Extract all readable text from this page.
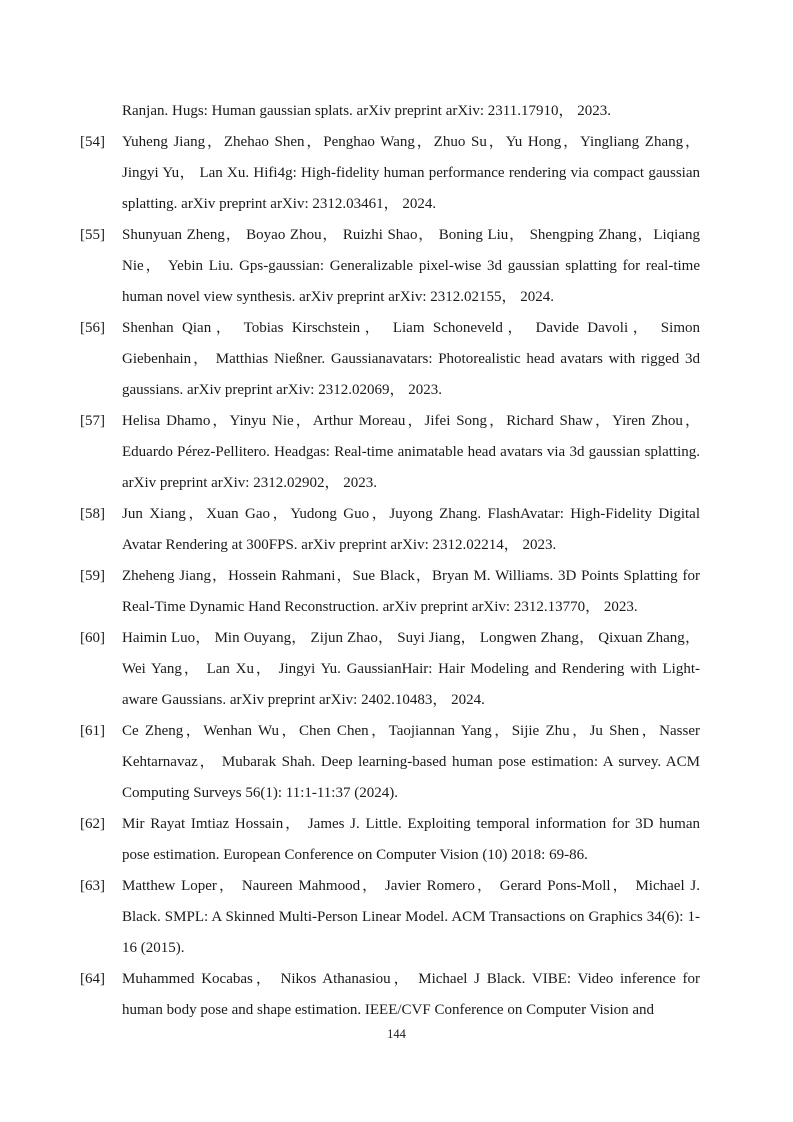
Ranjan. Hugs: Human gaussian splats. arXiv preprint arXiv: 2311.17910， 2023.
[54]	Yuheng Jiang，Zhehao Shen，Penghao Wang，Zhuo Su，Yu Hong，Yingliang Zhang，Jingyi Yu， Lan Xu. Hifi4g: High-fidelity human performance rendering via compact gaussian splatting. arXiv preprint arXiv: 2312.03461， 2024.
[55]	Shunyuan Zheng， Boyao Zhou， Ruizhi Shao， Boning Liu， Shengping Zhang，Liqiang Nie， Yebin Liu. Gps-gaussian: Generalizable pixel-wise 3d gaussian splatting for real-time human novel view synthesis. arXiv preprint arXiv: 2312.02155， 2024.
[56]	Shenhan Qian， Tobias Kirschstein， Liam Schoneveld， Davide Davoli， Simon Giebenhain， Matthias Nießner. Gaussianavatars: Photorealistic head avatars with rigged 3d gaussians. arXiv preprint arXiv: 2312.02069， 2023.
[57]	Helisa Dhamo，Yinyu Nie，Arthur Moreau，Jifei Song，Richard Shaw，Yiren Zhou，Eduardo Pérez-Pellitero. Headgas: Real-time animatable head avatars via 3d gaussian splatting. arXiv preprint arXiv: 2312.02902， 2023.
[58]	Jun Xiang，Xuan Gao，Yudong Guo，Juyong Zhang. FlashAvatar: High-Fidelity Digital Avatar Rendering at 300FPS. arXiv preprint arXiv: 2312.02214， 2023.
[59]	Zheheng Jiang，Hossein Rahmani，Sue Black，Bryan M. Williams. 3D Points Splatting for Real-Time Dynamic Hand Reconstruction. arXiv preprint arXiv: 2312.13770， 2023.
[60]	Haimin Luo， Min Ouyang， Zijun Zhao， Suyi Jiang， Longwen Zhang， Qixuan Zhang， Wei Yang， Lan Xu， Jingyi Yu. GaussianHair: Hair Modeling and Rendering with Light-aware Gaussians. arXiv preprint arXiv: 2402.10483， 2024.
[61]	Ce Zheng，Wenhan Wu，Chen Chen，Taojiannan Yang，Sijie Zhu，Ju Shen，Nasser Kehtarnavaz， Mubarak Shah. Deep learning-based human pose estimation: A survey. ACM Computing Surveys 56(1): 11:1-11:37 (2024).
[62]	Mir Rayat Imtiaz Hossain， James J. Little. Exploiting temporal information for 3D human pose estimation. European Conference on Computer Vision (10) 2018: 69-86.
[63]	Matthew Loper， Naureen Mahmood， Javier Romero， Gerard Pons-Moll， Michael J. Black. SMPL: A Skinned Multi-Person Linear Model. ACM Transactions on Graphics 34(6): 1-16 (2015).
[64]	Muhammed Kocabas， Nikos Athanasiou， Michael J Black. VIBE: Video inference for human body pose and shape estimation. IEEE/CVF Conference on Computer Vision and
144
